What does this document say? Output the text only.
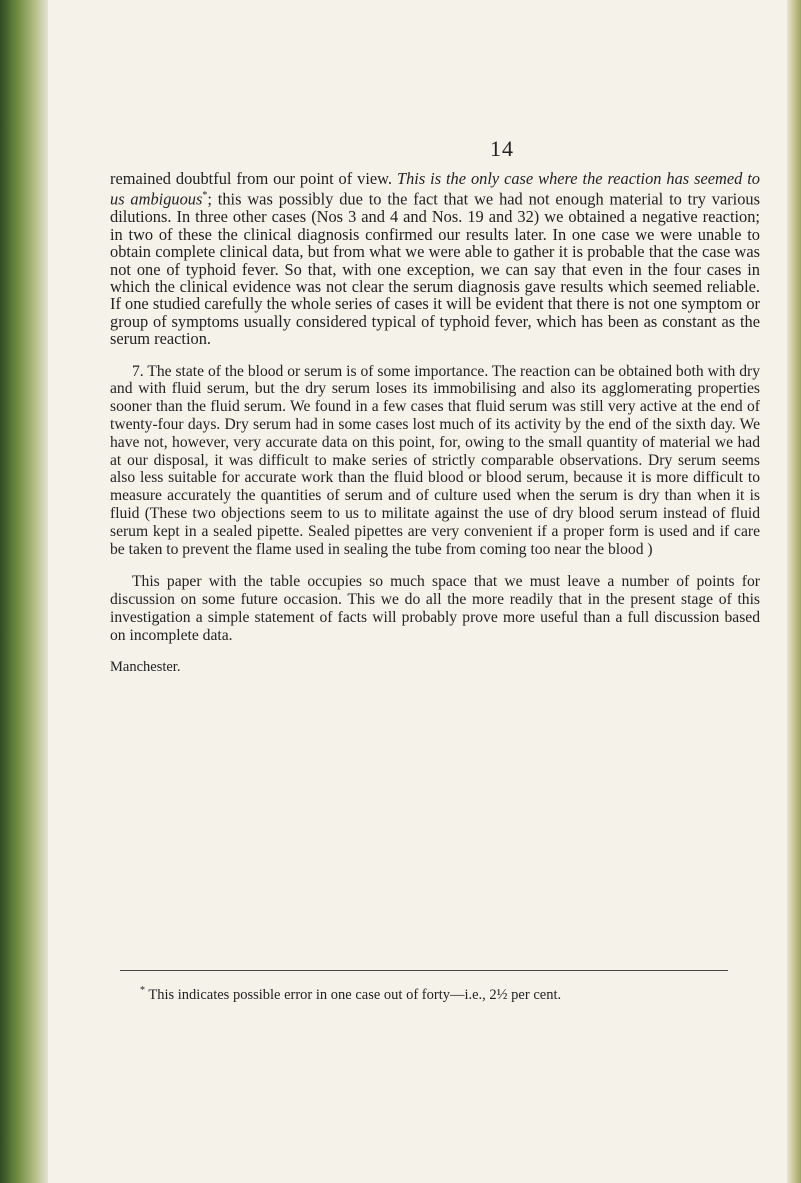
14

remained doubtful from our point of view. This is the only case where the reaction has seemed to us ambiguous*; this was possibly due to the fact that we had not enough material to try various dilutions. In three other cases (Nos 3 and 4 and Nos. 19 and 32) we obtained a negative reaction; in two of these the clinical diagnosis confirmed our results later. In one case we were unable to obtain complete clinical data, but from what we were able to gather it is probable that the case was not one of typhoid fever. So that, with one exception, we can say that even in the four cases in which the clinical evidence was not clear the serum diagnosis gave results which seemed reliable. If one studied carefully the whole series of cases it will be evident that there is not one symptom or group of symptoms usually considered typical of typhoid fever, which has been as constant as the serum reaction.

7. The state of the blood or serum is of some importance. The reaction can be obtained both with dry and with fluid serum, but the dry serum loses its immobilising and also its agglomerating properties sooner than the fluid serum. We found in a few cases that fluid serum was still very active at the end of twenty-four days. Dry serum had in some cases lost much of its activity by the end of the sixth day. We have not, however, very accurate data on this point, for, owing to the small quantity of material we had at our disposal, it was difficult to make series of strictly comparable observations. Dry serum seems also less suitable for accurate work than the fluid blood or blood serum, because it is more difficult to measure accurately the quantities of serum and of culture used when the serum is dry than when it is fluid (These two objections seem to us to militate against the use of dry blood serum instead of fluid serum kept in a sealed pipette. Sealed pipettes are very convenient if a proper form is used and if care be taken to prevent the flame used in sealing the tube from coming too near the blood )

This paper with the table occupies so much space that we must leave a number of points for discussion on some future occasion. This we do all the more readily that in the present stage of this investigation a simple statement of facts will probably prove more useful than a full discussion based on incomplete data.

Manchester.
* This indicates possible error in one case out of forty—i.e., 2½ per cent.
